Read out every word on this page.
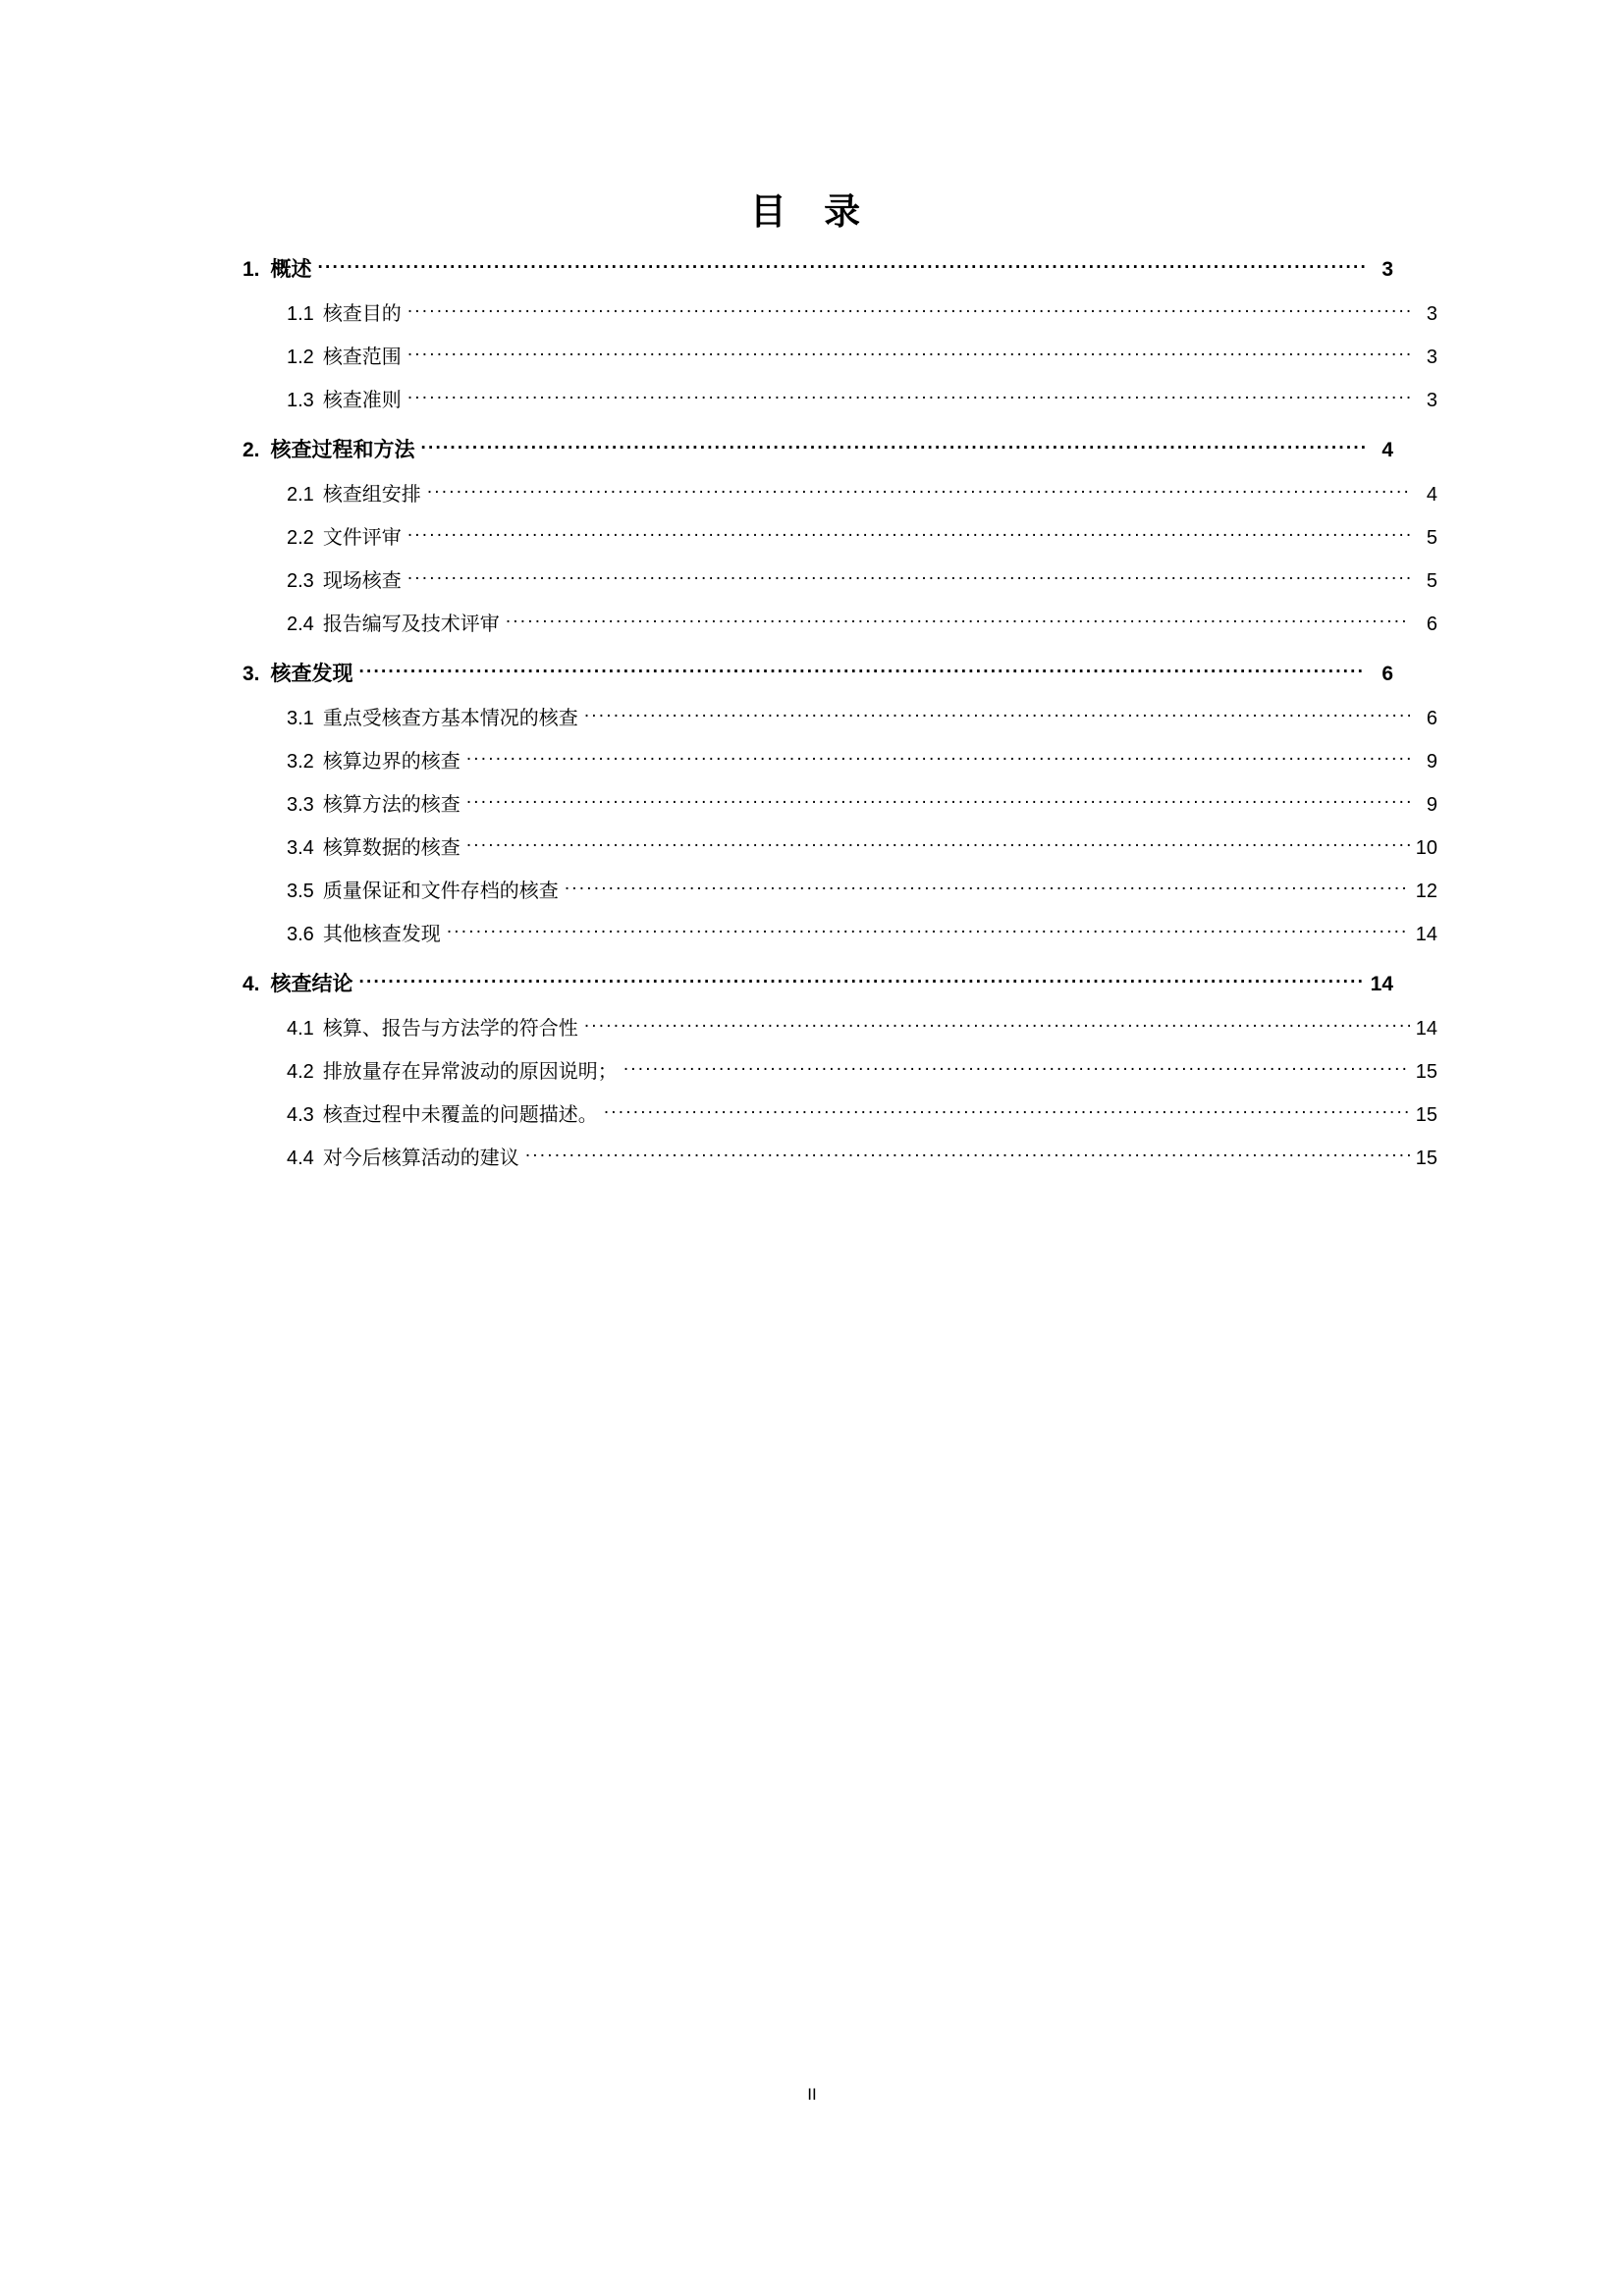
目 录
1. 概述 .....	3
1.1 核查目的 .....	3
1.2 核查范围 .....	3
1.3 核查准则 .....	3
2. 核查过程和方法 .....	4
2.1 核查组安排 .....	4
2.2 文件评审 .....	5
2.3 现场核查 .....	5
2.4 报告编写及技术评审 .....	6
3. 核查发现 .....	6
3.1 重点受核查方基本情况的核查 .....	6
3.2 核算边界的核查 .....	9
3.3 核算方法的核查 .....	9
3.4 核算数据的核查 .....	10
3.5 质量保证和文件存档的核查 .....	12
3.6 其他核查发现 .....	14
4. 核查结论 .....	14
4.1 核算、报告与方法学的符合性 .....	14
4.2 排放量存在异常波动的原因说明； .....	15
4.3 核查过程中未覆盖的问题描述。 .....	15
4.4 对今后核算活动的建议 .....	15
II
